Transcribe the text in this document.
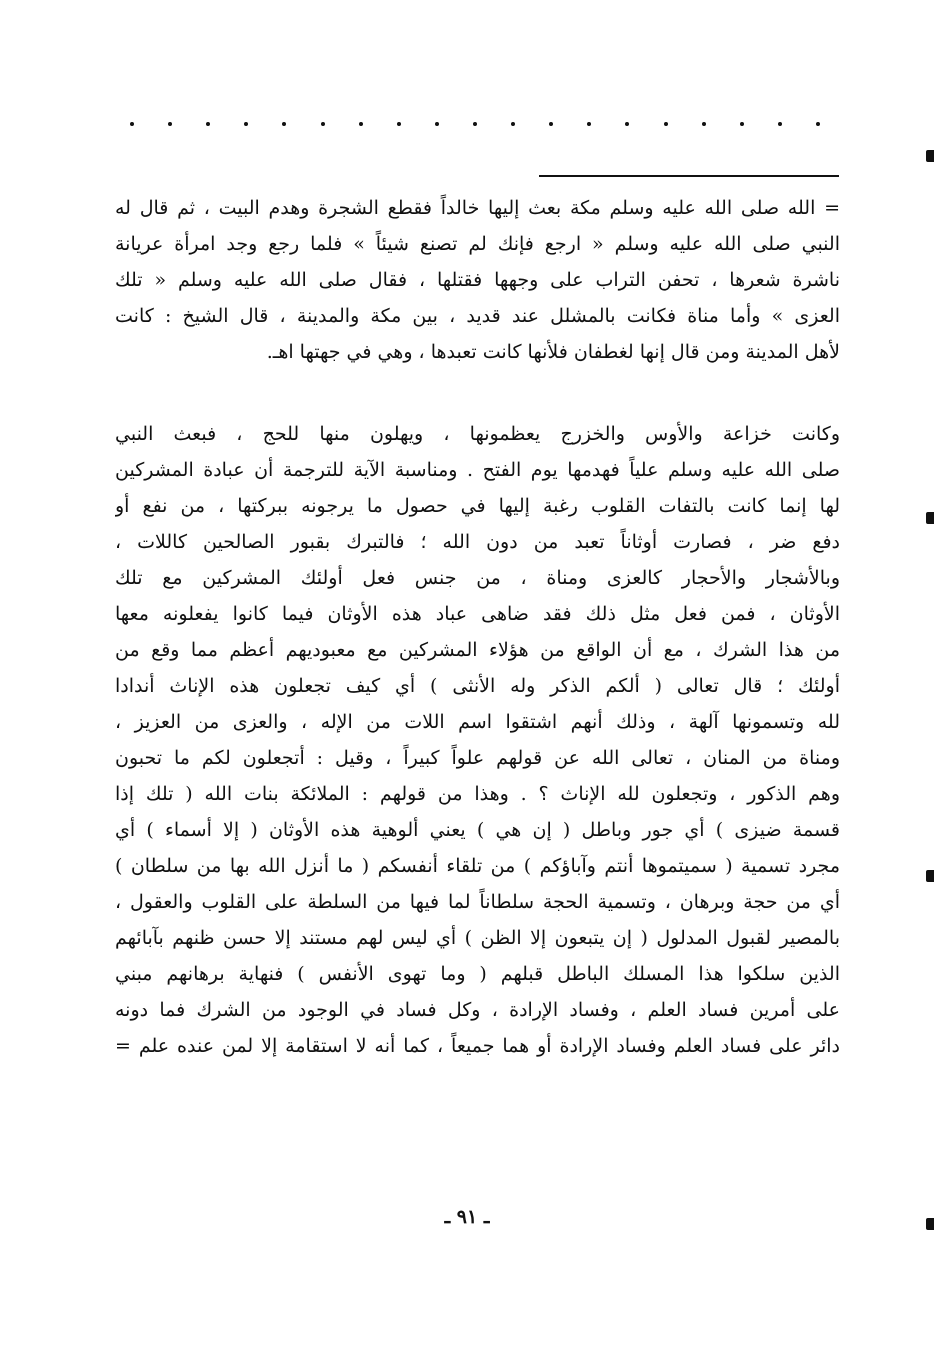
= الله صلى الله عليه وسلم مكة بعث إليها خالداً فقطع الشجرة وهدم البيت ، ثم قال له
النبي صلى الله عليه وسلم « ارجع فإنك لم تصنع شيئاً » فلما رجع وجد امرأة عريانة
ناشرة شعرها ، تحفن التراب على وجهها فقتلها ، فقال صلى الله عليه وسلم « تلك
العزى » وأما مناة فكانت بالمشلل عند قديد ، بين مكة والمدينة ، قال الشيخ : كانت
لأهل المدينة ومن قال إنها لغطفان فلأنها كانت تعبدها ، وهي في جهتها اهـ.
وكانت خزاعة والأوس والخزرج يعظمونها ، ويهلون منها للحج ، فبعث النبي
صلى الله عليه وسلم علياً فهدمها يوم الفتح . ومناسبة الآية للترجمة أن عبادة المشركين
لها إنما كانت بالتفات القلوب رغبة إليها في حصول ما يرجونه ببركتها ، من نفع أو
دفع ضر ، فصارت أوثاناً تعبد من دون الله ؛ فالتبرك بقبور الصالحين كاللات ،
وبالأشجار والأحجار كالعزى ومناة ، من جنس فعل أولئك المشركين مع تلك
الأوثان ، فمن فعل مثل ذلك فقد ضاهى عباد هذه الأوثان فيما كانوا يفعلونه معها
من هذا الشرك ، مع أن الواقع من هؤلاء المشركين مع معبوديهم أعظم مما وقع من
أولئك ؛ قال تعالى ( ألكم الذكر وله الأنثى ) أي كيف تجعلون هذه الإناث أندادا
لله وتسمونها آلهة ، وذلك أنهم اشتقوا اسم اللات من الإله ، والعزى من العزيز ،
ومناة من المنان ، تعالى الله عن قولهم علواً كبيراً ، وقيل : أتجعلون لكم ما تحبون
وهم الذكور ، وتجعلون لله الإناث ؟ . وهذا من قولهم : الملائكة بنات الله ( تلك إذا
قسمة ضيزى ) أي جور وباطل ( إن هي ) يعني ألوهية هذه الأوثان ( إلا أسماء ) أي
مجرد تسمية ( سميتموها أنتم وآباؤكم ) من تلقاء أنفسكم ( ما أنزل الله بها من سلطان )
أي من حجة وبرهان ، وتسمية الحجة سلطاناً لما فيها من السلطة على القلوب والعقول ،
بالمصير لقبول المدلول ( إن يتبعون إلا الظن ) أي ليس لهم مستند إلا حسن ظنهم بآبائهم
الذين سلكوا هذا المسلك الباطل قبلهم ( وما تهوى الأنفس ) فنهاية برهانهم مبني
على أمرين فساد العلم ، وفساد الإرادة ، وكل فساد في الوجود من الشرك فما دونه
دائر على فساد العلم وفساد الإرادة أو هما جميعاً ، كما أنه لا استقامة إلا لمن عنده علم =
ـ ٩١ ـ
